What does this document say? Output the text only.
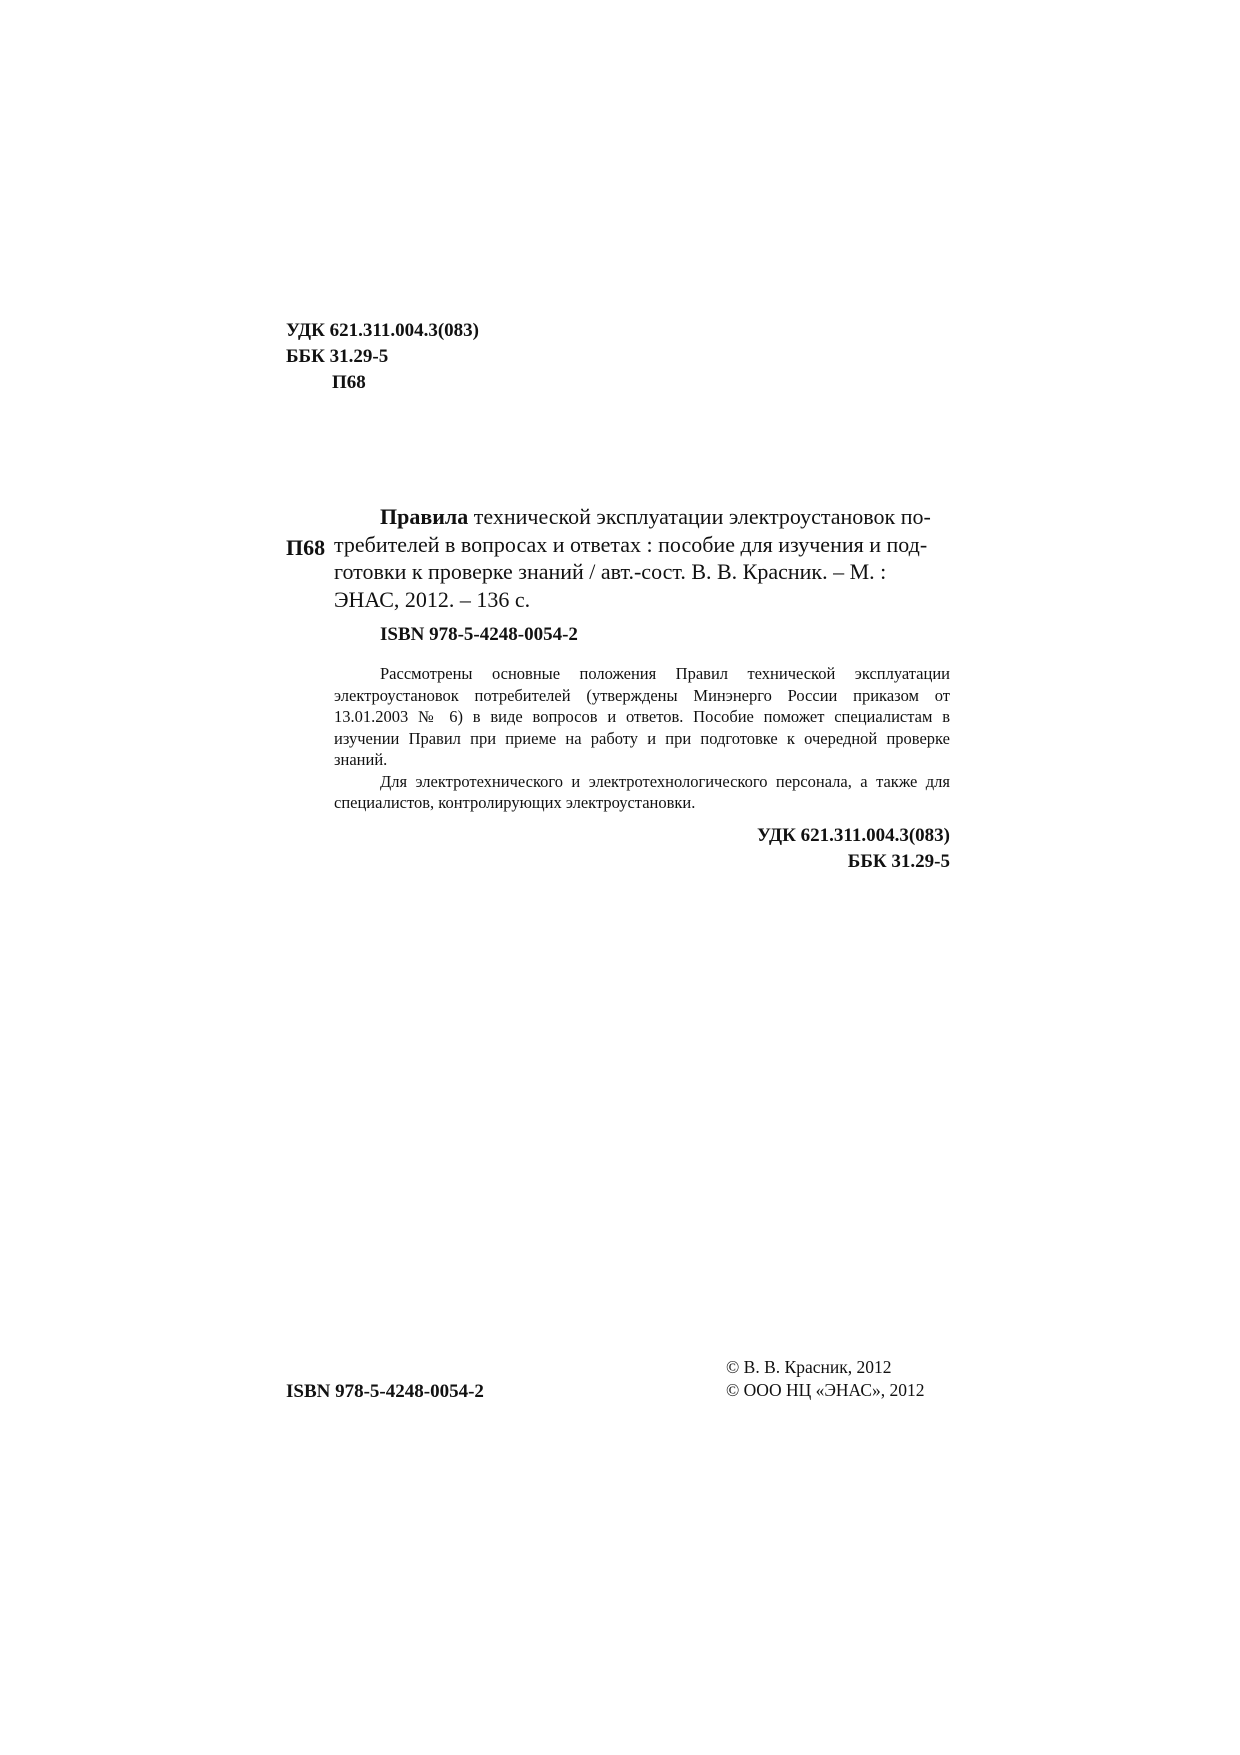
УДК 621.311.004.3(083)
ББК 31.29-5
П68
П68
Правила технической эксплуатации электроустановок по-
требителей в вопросах и ответах : пособие для изучения и под-
готовки к проверке знаний / авт.-сост. В. В. Красник. – М. :
ЭНАС, 2012. – 136 с.
ISBN 978-5-4248-0054-2

Рассмотрены основные положения Правил технической эксплуатации электроустановок потребителей (утверждены Минэнерго России приказом от 13.01.2003 № 6) в виде вопросов и ответов. Пособие поможет специалистам в изучении Правил при приеме на работу и при подготовке к очередной проверке знаний.

Для электротехнического и электротехнологического персонала, а также для специалистов, контролирующих электроустановки.

УДК 621.311.004.3(083)
ББК 31.29-5
ISBN 978-5-4248-0054-2
© В. В. Красник, 2012
© ООО НЦ «ЭНАС», 2012
